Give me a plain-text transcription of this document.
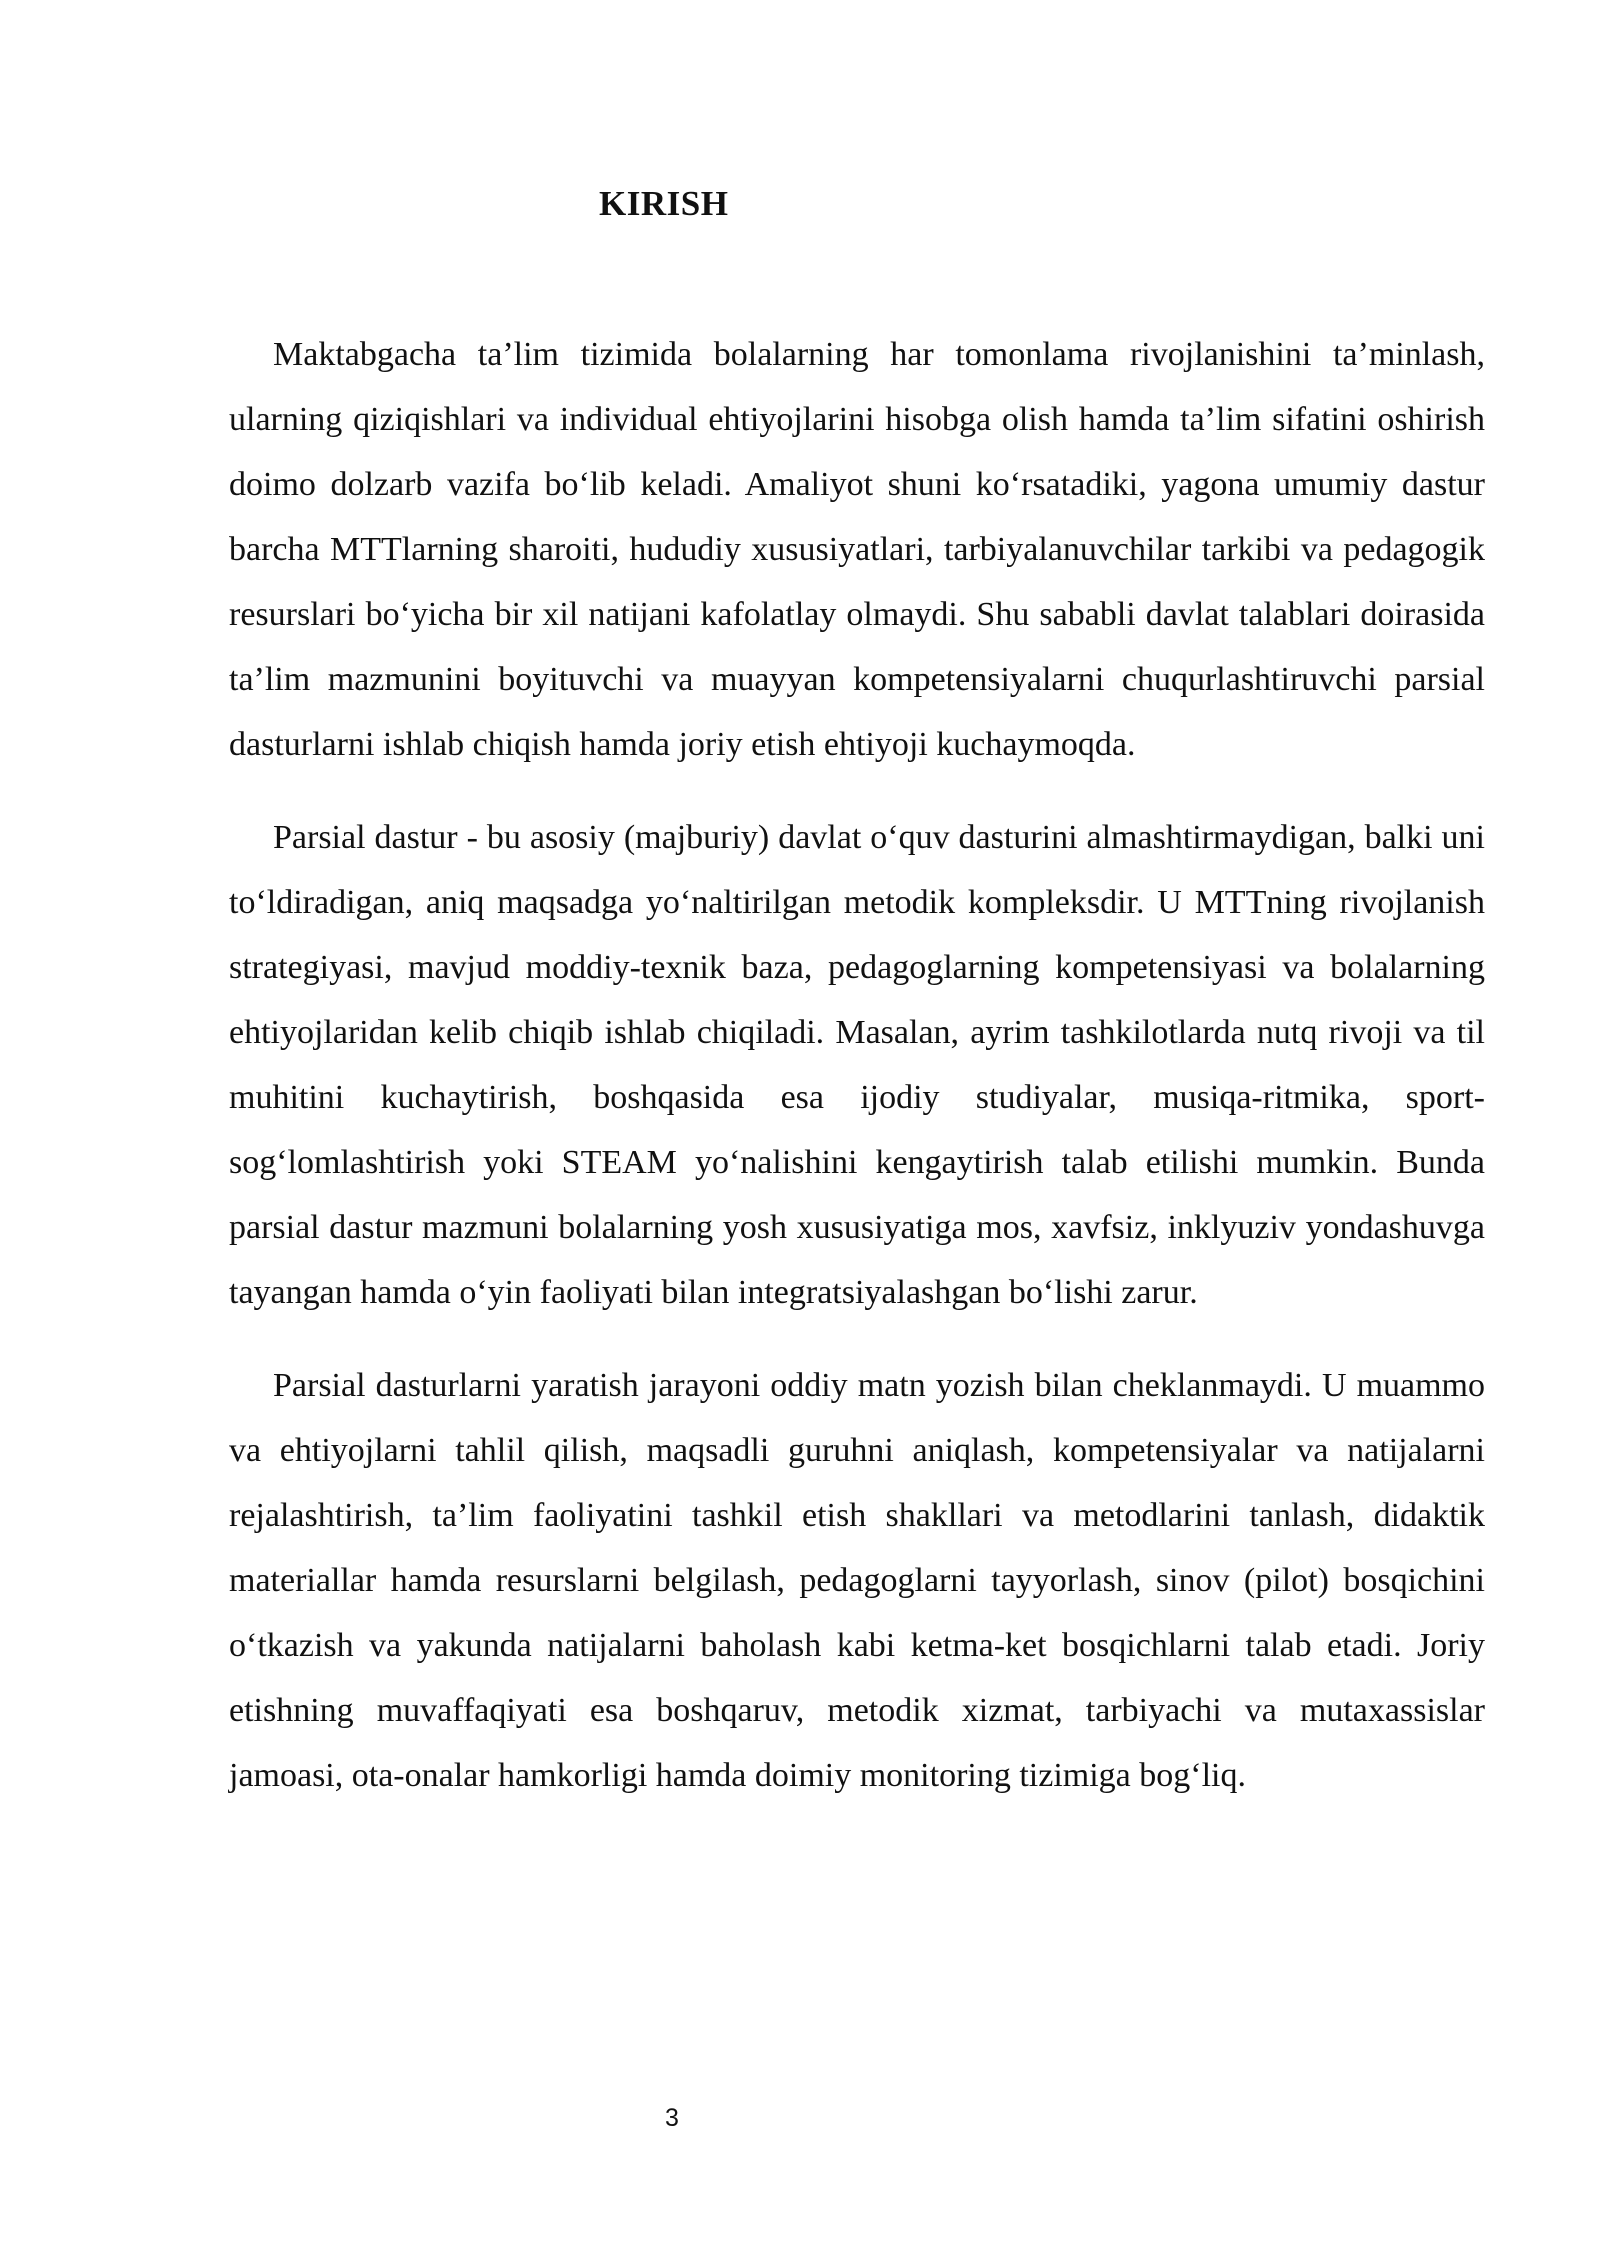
KIRISH

Maktabgacha ta’lim tizimida bolalarning har tomonlama rivojlanishini ta’minlash, ularning qiziqishlari va individual ehtiyojlarini hisobga olish hamda ta’lim sifatini oshirish doimo dolzarb vazifa bo‘lib keladi. Amaliyot shuni ko‘rsatadiki, yagona umumiy dastur barcha MTTlarning sharoiti, hududiy xususiyatlari, tarbiyalanuvchilar tarkibi va pedagogik resurslari bo‘yicha bir xil natijani kafolatlay olmaydi. Shu sababli davlat talablari doirasida ta’lim mazmunini boyituvchi va muayyan kompetensiyalarni chuqurlashtiruvchi parsial dasturlarni ishlab chiqish hamda joriy etish ehtiyoji kuchaymoqda.

Parsial dastur - bu asosiy (majburiy) davlat o‘quv dasturini almashtirmaydigan, balki uni to‘ldiradigan, aniq maqsadga yo‘naltirilgan metodik kompleksdir. U MTTning rivojlanish strategiyasi, mavjud moddiy-texnik baza, pedagoglarning kompetensiyasi va bolalarning ehtiyojlaridan kelib chiqib ishlab chiqiladi. Masalan, ayrim tashkilotlarda nutq rivoji va til muhitini kuchaytirish, boshqasida esa ijodiy studiyalar, musiqa-ritmika, sport-sog‘lomlashtirish yoki STEAM yo‘nalishini kengaytirish talab etilishi mumkin. Bunda parsial dastur mazmuni bolalarning yosh xususiyatiga mos, xavfsiz, inklyuziv yondashuvga tayangan hamda o‘yin faoliyati bilan integratsiyalashgan bo‘lishi zarur.

Parsial dasturlarni yaratish jarayoni oddiy matn yozish bilan cheklanmaydi. U muammo va ehtiyojlarni tahlil qilish, maqsadli guruhni aniqlash, kompetensiyalar va natijalarni rejalashtirish, ta’lim faoliyatini tashkil etish shakllari va metodlarini tanlash, didaktik materiallar hamda resurslarni belgilash, pedagoglarni tayyorlash, sinov (pilot) bosqichini o‘tkazish va yakunda natijalarni baholash kabi ketma-ket bosqichlarni talab etadi. Joriy etishning muvaffaqiyati esa boshqaruv, metodik xizmat, tarbiyachi va mutaxassislar jamoasi, ota-onalar hamkorligi hamda doimiy monitoring tizimiga bog‘liq.

3
